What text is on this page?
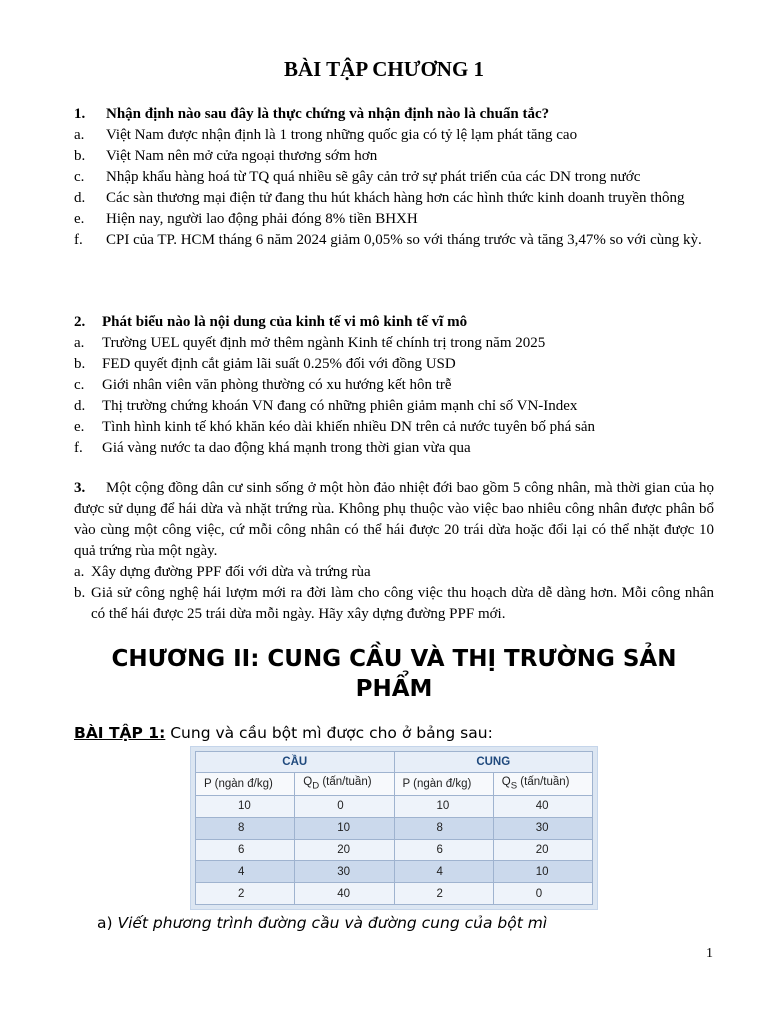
BÀI TẬP CHƯƠNG 1
1.	Nhận định nào sau đây là thực chứng và nhận định nào là chuẩn tắc?
a.	Việt Nam được nhận định là 1 trong những quốc gia có tỷ lệ lạm phát tăng cao
b.	Việt Nam nên mở cửa ngoại thương sớm hơn
c.	Nhập khẩu hàng hoá từ TQ quá nhiều sẽ gây cản trở sự phát triển của các DN trong nước
d. Các sàn thương mại điện tử đang thu hút khách hàng hơn các hình thức kinh doanh truyền thông
e.	Hiện nay, người lao động phải đóng 8% tiền BHXH
f. CPI của TP. HCM tháng 6 năm 2024 giảm 0,05% so với tháng trước và tăng 3,47% so với cùng kỳ.
2.	Phát biểu nào là nội dung của kinh tế vi mô kinh tế vĩ mô
a.	Trường UEL quyết định mở thêm ngành Kinh tế chính trị trong năm 2025
b.	FED quyết định cắt giảm lãi suất 0.25% đối với đồng USD
c.	Giới nhân viên văn phòng thường có xu hướng kết hôn trễ
d.	Thị trường chứng khoán VN đang có những phiên giảm mạnh chỉ số VN-Index
e.	Tình hình kinh tế khó khăn kéo dài khiến nhiều DN trên cả nước tuyên bố phá sản
f.	Giá vàng nước ta dao động khá mạnh trong thời gian vừa qua
3. Một cộng đồng dân cư sinh sống ở một hòn đảo nhiệt đới bao gồm 5 công nhân, mà thời gian của họ được sử dụng để hái dừa và nhặt trứng rùa. Không phụ thuộc vào việc bao nhiêu công nhân được phân bổ vào cùng một công việc, cứ mỗi công nhân có thể hái được 20 trái dừa hoặc đổi lại có thể nhặt được 10 quả trứng rùa một ngày.
a. Xây dựng đường PPF đối với dừa và trứng rùa
b. Giả sử công nghệ hái lượm mới ra đời làm cho công việc thu hoạch dừa dễ dàng hơn. Mỗi công nhân có thể hái được 25 trái dừa mỗi ngày. Hãy xây dựng đường PPF mới.
CHƯƠNG II: CUNG CẦU VÀ THỊ TRƯỜNG SẢN PHẨM
BÀI TẬP 1: Cung và cầu bột mì được cho ở bảng sau:
CẦU		CUNG	
P (ngàn đ/kg)	$Q_D$ (tấn/tuần)	P (ngàn đ/kg)	$Q_S$ (tấn/tuần)
10	0	10	40
8	10	8	30
6	20	6	20
4	30	4	10
2	40	2	0
a) Viết phương trình đường cầu và đường cung của bột mì
1
